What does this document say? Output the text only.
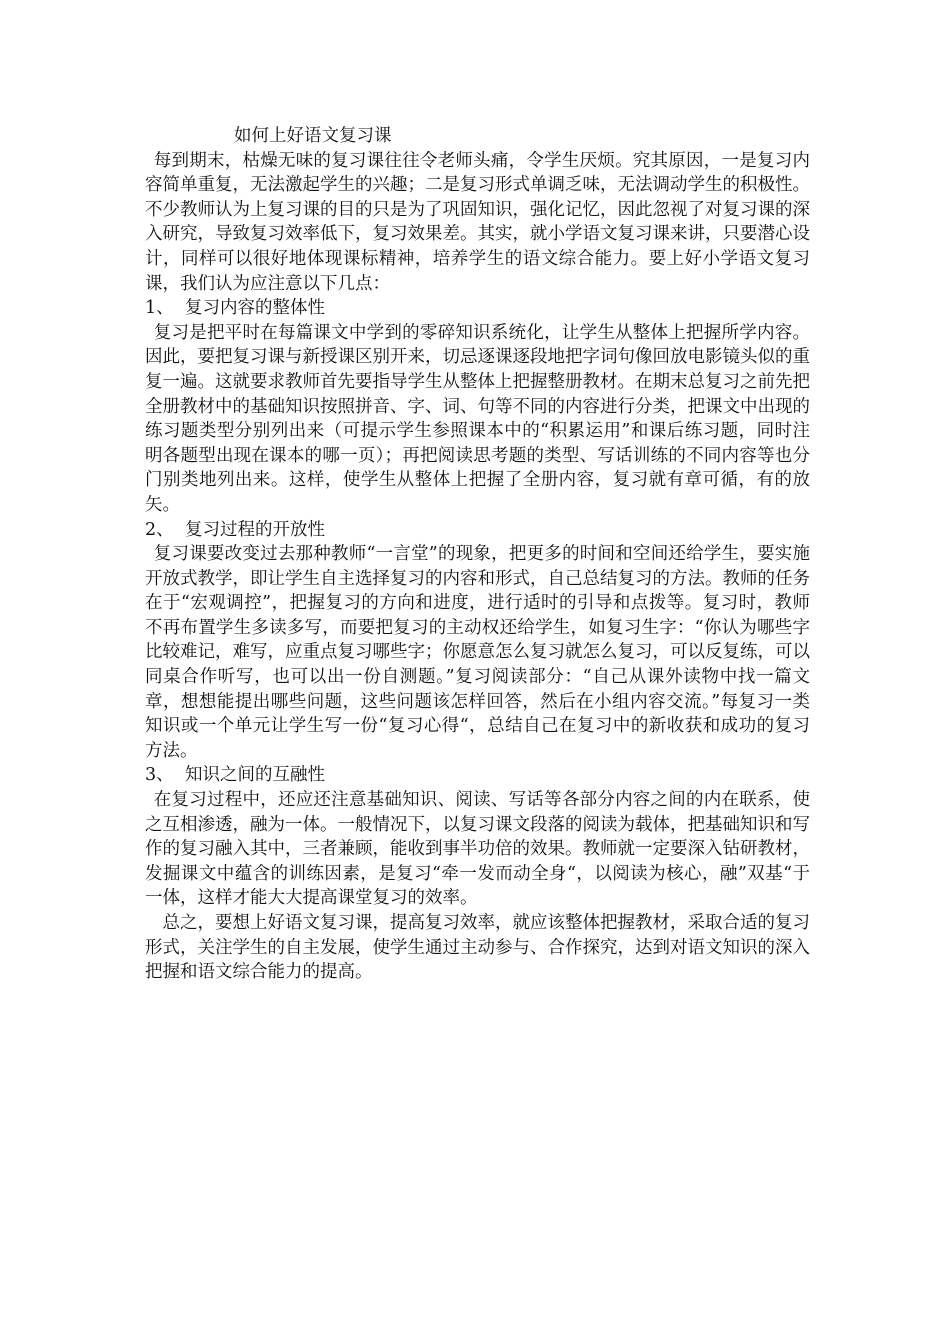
如何上好语文复习课

每到期末，枯燥无味的复习课往往令老师头痛，令学生厌烦。究其原因，一是复习内容简单重复，无法激起学生的兴趣；二是复习形式单调乏味，无法调动学生的积极性。不少教师认为上复习课的目的只是为了巩固知识，强化记忆，因此忽视了对复习课的深入研究，导致复习效率低下，复习效果差。其实，就小学语文复习课来讲，只要潜心设计，同样可以很好地体现课标精神，培养学生的语文综合能力。要上好小学语文复习课，我们认为应注意以下几点：

1、 复习内容的整体性

复习是把平时在每篇课文中学到的零碎知识系统化，让学生从整体上把握所学内容。因此，要把复习课与新授课区别开来，切忌逐课逐段地把字词句像回放电影镜头似的重复一遍。这就要求教师首先要指导学生从整体上把握整册教材。在期末总复习之前先把全册教材中的基础知识按照拼音、字、词、句等不同的内容进行分类，把课文中出现的练习题类型分别列出来（可提示学生参照课本中的“积累运用”和课后练习题，同时注明各题型出现在课本的哪一页）；再把阅读思考题的类型、写话训练的不同内容等也分门别类地列出来。这样，使学生从整体上把握了全册内容，复习就有章可循，有的放矢。

2、 复习过程的开放性

复习课要改变过去那种教师“一言堂”的现象，把更多的时间和空间还给学生，要实施开放式教学，即让学生自主选择复习的内容和形式，自己总结复习的方法。教师的任务在于“宏观调控”，把握复习的方向和进度，进行适时的引导和点拨等。复习时，教师不再布置学生多读多写，而要把复习的主动权还给学生，如复习生字：“你认为哪些字比较难记，难写，应重点复习哪些字；你愿意怎么复习就怎么复习，可以反复练，可以同桌合作听写，也可以出一份自测题。”复习阅读部分：“自己从课外读物中找一篇文章，想想能提出哪些问题，这些问题该怎样回答，然后在小组内容交流。”每复习一类知识或一个单元让学生写一份“复习心得“，总结自己在复习中的新收获和成功的复习方法。

3、 知识之间的互融性

在复习过程中，还应还注意基础知识、阅读、写话等各部分内容之间的内在联系，使之互相渗透，融为一体。一般情况下，以复习课文段落的阅读为载体，把基础知识和写作的复习融入其中，三者兼顾，能收到事半功倍的效果。教师就一定要深入钻研教材，发掘课文中蕴含的训练因素，是复习“牵一发而动全身“，以阅读为核心，融”双基“于一体，这样才能大大提高课堂复习的效率。

总之，要想上好语文复习课，提高复习效率，就应该整体把握教材，采取合适的复习形式，关注学生的自主发展，使学生通过主动参与、合作探究，达到对语文知识的深入把握和语文综合能力的提高。
